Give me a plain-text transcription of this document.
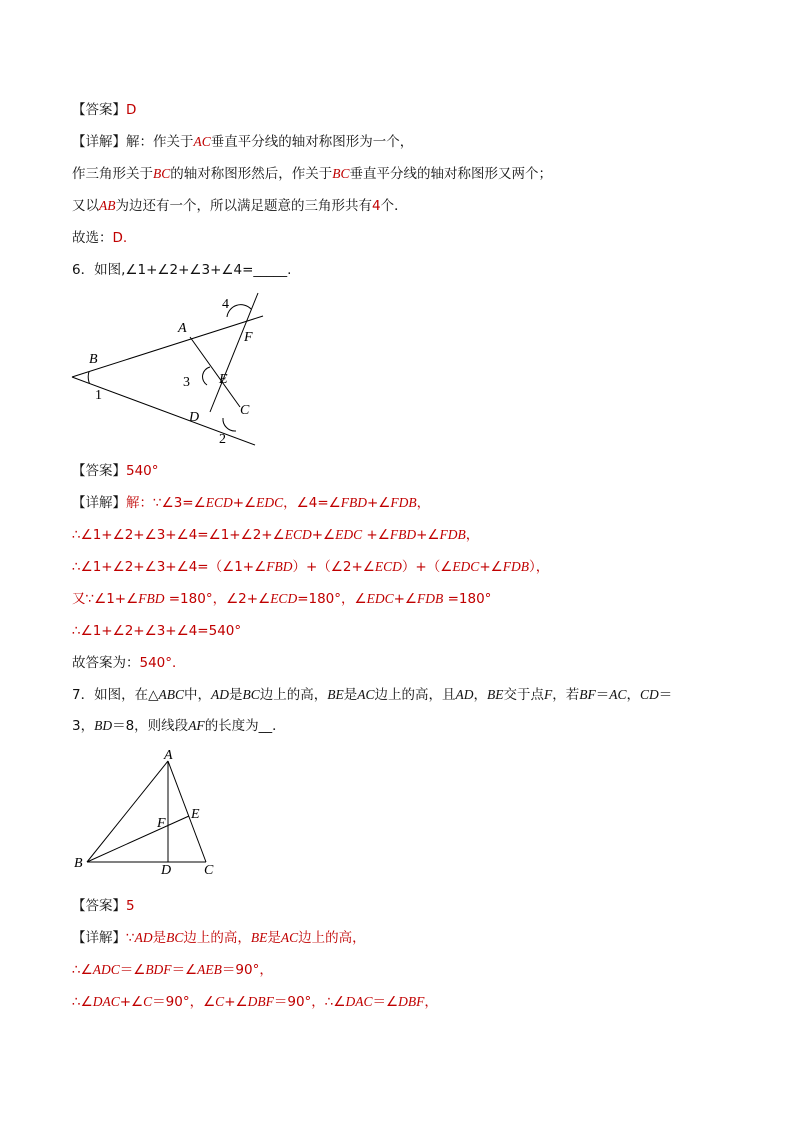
【答案】D
【详解】解：作关于AC垂直平分线的轴对称图形为一个，
作三角形关于BC的轴对称图形然后，作关于BC垂直平分线的轴对称图形又两个；
又以AB为边还有一个，所以满足题意的三角形共有4个．
故选：D.
6．如图,∠1+∠2+∠3+∠4=_____.
B
A
F
E
D	C
1
2
3
4
【答案】540°
【详解】解：∵∠3=∠ECD+∠EDC，∠4=∠FBD+∠FDB，
∴∠1+∠2+∠3+∠4=∠1+∠2+∠ECD+∠EDC +∠FBD+∠FDB，
∴∠1+∠2+∠3+∠4=（∠1+∠FBD）+（∠2+∠ECD）+（∠EDC+∠FDB），
又∵∠1+∠FBD =180°，∠2+∠ECD=180°，∠EDC+∠FDB =180°
∴∠1+∠2+∠3+∠4=540°
故答案为：540°．
7．如图，在△ABC中，AD是BC边上的高，BE是AC边上的高，且AD，BE交于点F，若BF＝AC，CD＝
3，BD＝8，则线段AF的长度为__．
A
B	C
D
E
F
【答案】5
【详解】∵AD是BC边上的高，BE是AC边上的高，
∴∠ADC＝∠BDF＝∠AEB＝90°，
∴∠DAC+∠C＝90°，∠C+∠DBF＝90°，∴∠DAC＝∠DBF，
